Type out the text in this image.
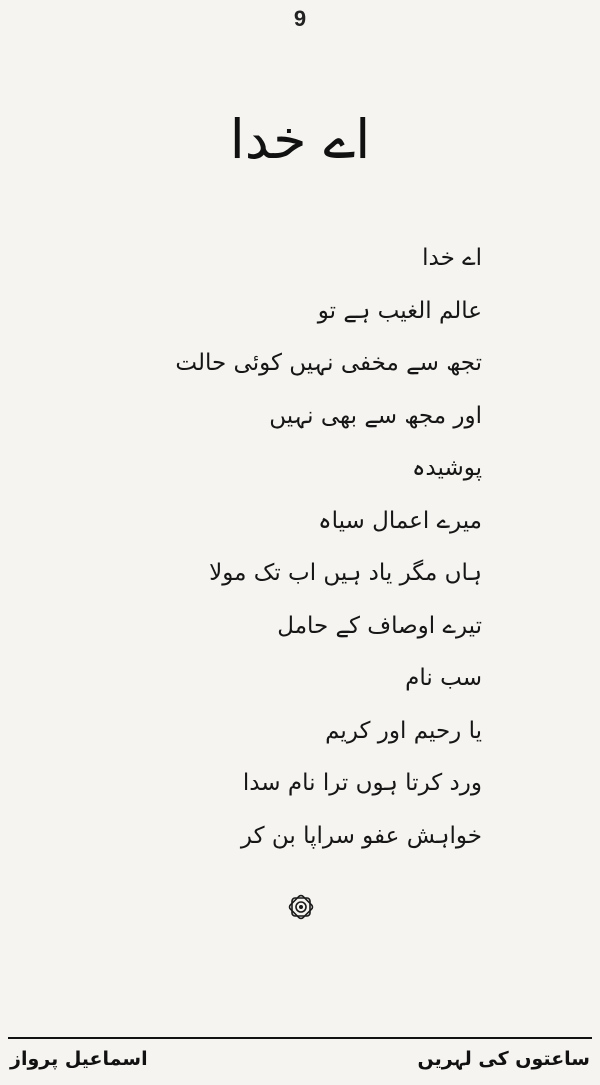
9
اے خدا
اے خدا
عالم الغیب ہے تو
تجھ سے مخفی نہیں کوئی حالت
اور مجھ سے بھی نہیں
پوشیدہ
میرے اعمال سیاہ
ہاں مگر یاد ہیں اب تک مولا
تیرے اوصاف کے حامل
سب نام
یا رحیم اور کریم
ورد کرتا ہوں ترا نام سدا
خواہش عفو سراپا بن کر
اسماعیل پرواز	ساعتوں کی لہریں
